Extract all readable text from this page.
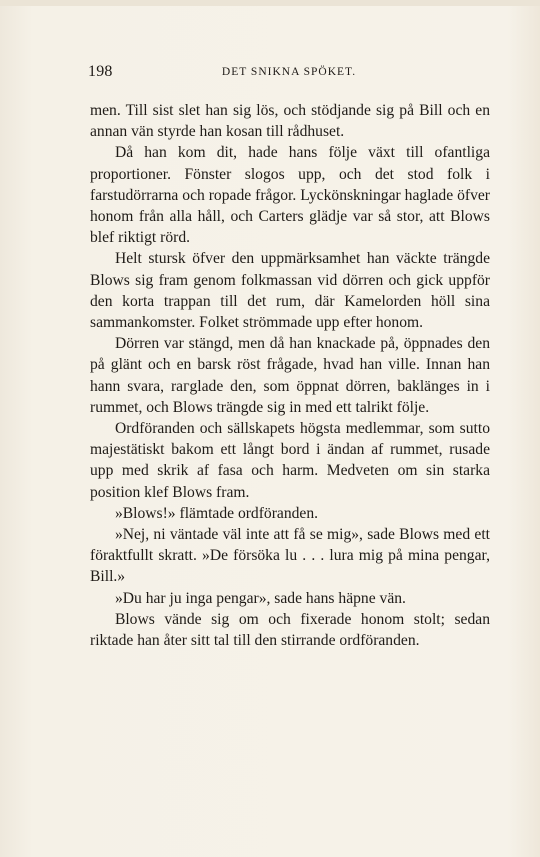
198	DET SNIKNA SPÖKET.

men. Till sist slet han sig lös, och stödjande sig på Bill och en annan vän styrde han kosan till rådhuset.

Då han kom dit, hade hans följe växt till ofantliga proportioner. Fönster slogos upp, och det stod folk i farstudörrarna och ropade frågor. Lyckönskningar haglade öfver honom från alla håll, och Carters glädje var så stor, att Blows blef riktigt rörd.

Helt stursk öfver den uppmärksamhet han väckte trängde Blows sig fram genom folkmassan vid dörren och gick uppför den korta trappan till det rum, där Kamelorden höll sina sammankomster. Folket strömmade upp efter honom.

Dörren var stängd, men då han knackade på, öppnades den på glänt och en barsk röst frågade, hvad han ville. Innan han hann svara, rагglade den, som öppnat dörren, baklänges in i rummet, och Blows trängde sig in med ett talrikt följe.

Ordföranden och sällskapets högsta medlemmar, som sutto majestätiskt bakom ett långt bord i ändan af rummet, rusade upp med skrik af fasa och harm. Medveten om sin starka position klef Blows fram.

»Blows!» flämtade ordföranden.

»Nej, ni väntade väl inte att få se mig», sade Blows med ett föraktfullt skratt. »De försöka lu . . . lura mig på mina pengar, Bill.»

»Du har ju inga pengar», sade hans häpne vän.

Blows vände sig om och fixerade honom stolt; sedan riktade han åter sitt tal till den stirrande ordföranden.
